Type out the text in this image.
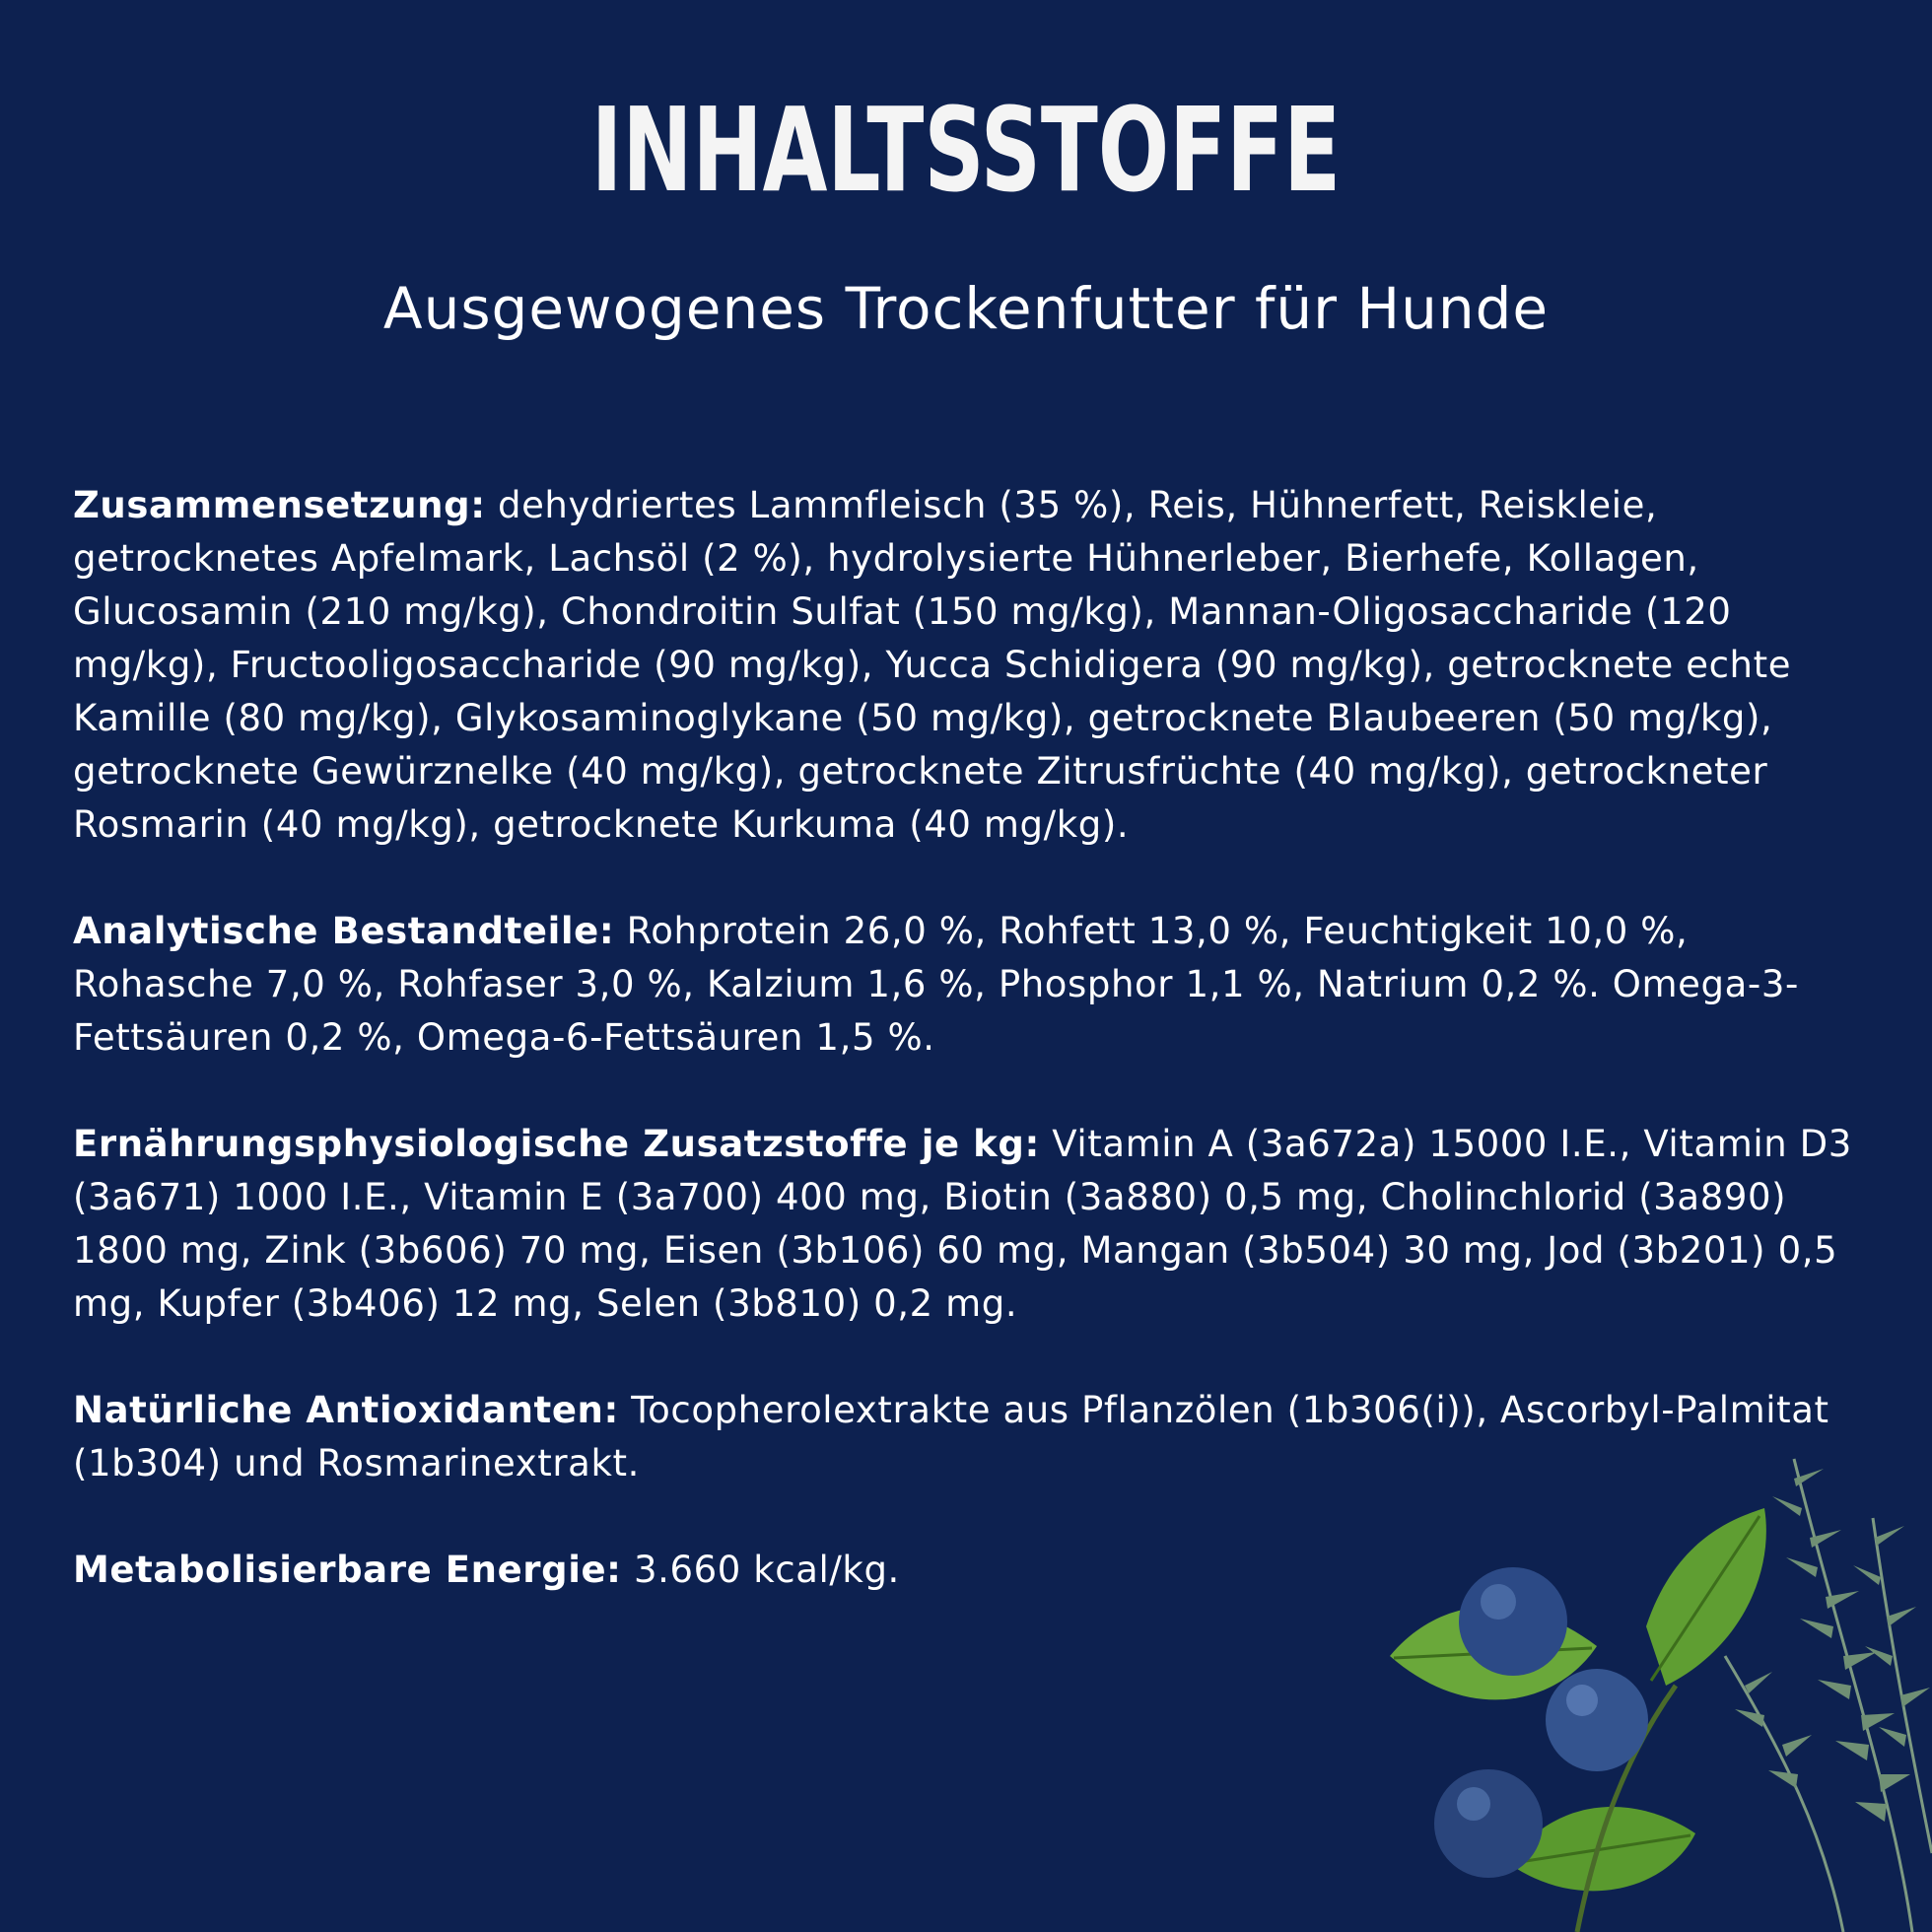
INHALTSSTOFFE
Ausgewogenes Trockenfutter für Hunde

Zusammensetzung: dehydriertes Lammfleisch (35 %), Reis, Hühnerfett, Reiskleie, getrocknetes Apfelmark, Lachsöl (2 %), hydrolysierte Hühnerleber, Bierhefe, Kollagen, Glucosamin (210 mg/kg), Chondroitin Sulfat (150 mg/kg), Mannan-Oligosaccharide (120 mg/kg), Fructooligosaccharide (90 mg/kg), Yucca Schidigera (90 mg/kg), getrocknete echte Kamille (80 mg/kg), Glykosaminoglykane (50 mg/kg), getrocknete Blaubeeren (50 mg/kg), getrocknete Gewürznelke (40 mg/kg), getrocknete Zitrusfrüchte (40 mg/kg), getrockneter Rosmarin (40 mg/kg), getrocknete Kurkuma (40 mg/kg).

Analytische Bestandteile: Rohprotein 26,0 %, Rohfett 13,0 %, Feuchtigkeit 10,0 %, Rohasche 7,0 %, Rohfaser 3,0 %, Kalzium 1,6 %, Phosphor 1,1 %, Natrium 0,2 %. Omega-3-Fettsäuren 0,2 %, Omega-6-Fettsäuren 1,5 %.

Ernährungsphysiologische Zusatzstoffe je kg: Vitamin A (3a672a) 15000 I.E., Vitamin D3 (3a671) 1000 I.E., Vitamin E (3a700) 400 mg, Biotin (3a880) 0,5 mg, Cholinchlorid (3a890) 1800 mg, Zink (3b606) 70 mg, Eisen (3b106) 60 mg, Mangan (3b504) 30 mg, Jod (3b201) 0,5 mg, Kupfer (3b406) 12 mg, Selen (3b810) 0,2 mg.

Natürliche Antioxidanten: Tocopherolextrakte aus Pflanzölen (1b306(i)), Ascorbyl-Palmitat (1b304) und Rosmarinextrakt.

Metabolisierbare Energie: 3.660 kcal/kg.
